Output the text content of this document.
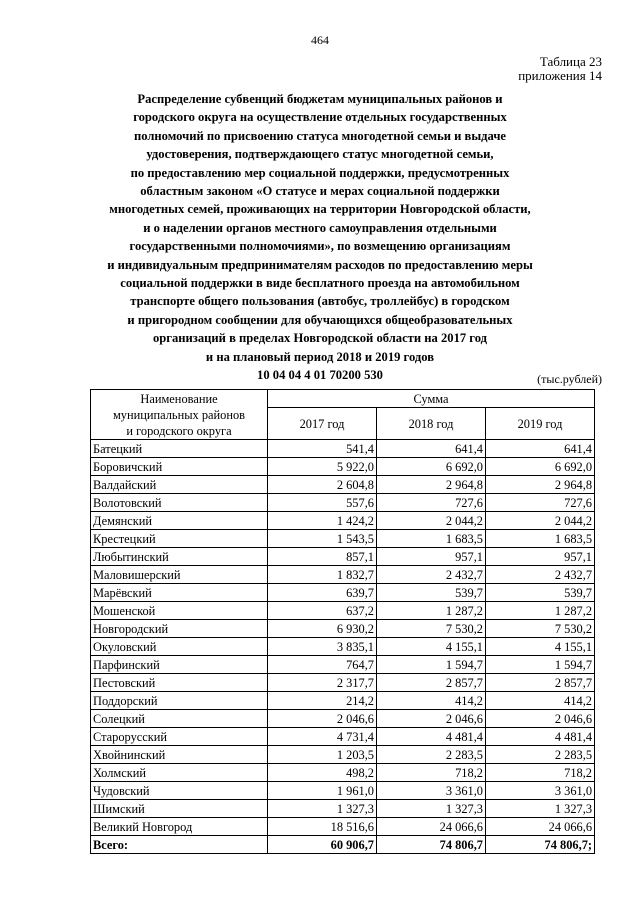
464
Таблица 23
приложения 14
Распределение субвенций бюджетам муниципальных районов и
городского округа на осуществление отдельных государственных
полномочий по присвоению статуса многодетной семьи и выдаче
удостоверения, подтверждающего статус многодетной семьи,
по предоставлению мер социальной поддержки, предусмотренных
областным законом «О статусе и мерах социальной поддержки
многодетных семей, проживающих на территории Новгородской области,
и о наделении органов местного самоуправления отдельными
государственными полномочиями», по возмещению организациям
и индивидуальным предпринимателям расходов по предоставлению меры
социальной поддержки в виде бесплатного проезда на автомобильном
транспорте общего пользования (автобус, троллейбус) в городском
и пригородном сообщении для обучающихся общеобразовательных
организаций в пределах Новгородской области на 2017 год
и на плановый период 2018 и 2019 годов
10 04 04 4 01 70200 530	(тыс.рублей)
Наименование
муниципальных районов
и городского округа	Сумма		
	2017 год	2018 год	2019 год
Батецкий	541,4	641,4	641,4
Боровичский	5 922,0	6 692,0	6 692,0
Валдайский	2 604,8	2 964,8	2 964,8
Волотовский	557,6	727,6	727,6
Демянский	1 424,2	2 044,2	2 044,2
Крестецкий	1 543,5	1 683,5	1 683,5
Любытинский	857,1	957,1	957,1
Маловишерский	1 832,7	2 432,7	2 432,7
Марёвский	639,7	539,7	539,7
Мошенской	637,2	1 287,2	1 287,2
Новгородский	6 930,2	7 530,2	7 530,2
Окуловский	3 835,1	4 155,1	4 155,1
Парфинский	764,7	1 594,7	1 594,7
Пестовский	2 317,7	2 857,7	2 857,7
Поддорский	214,2	414,2	414,2
Солецкий	2 046,6	2 046,6	2 046,6
Старорусский	4 731,4	4 481,4	4 481,4
Хвойнинский	1 203,5	2 283,5	2 283,5
Холмский	498,2	718,2	718,2
Чудовский	1 961,0	3 361,0	3 361,0
Шимский	1 327,3	1 327,3	1 327,3
Великий Новгород	18 516,6	24 066,6	24 066,6
Всего:	60 906,7	74 806,7	74 806,7;
